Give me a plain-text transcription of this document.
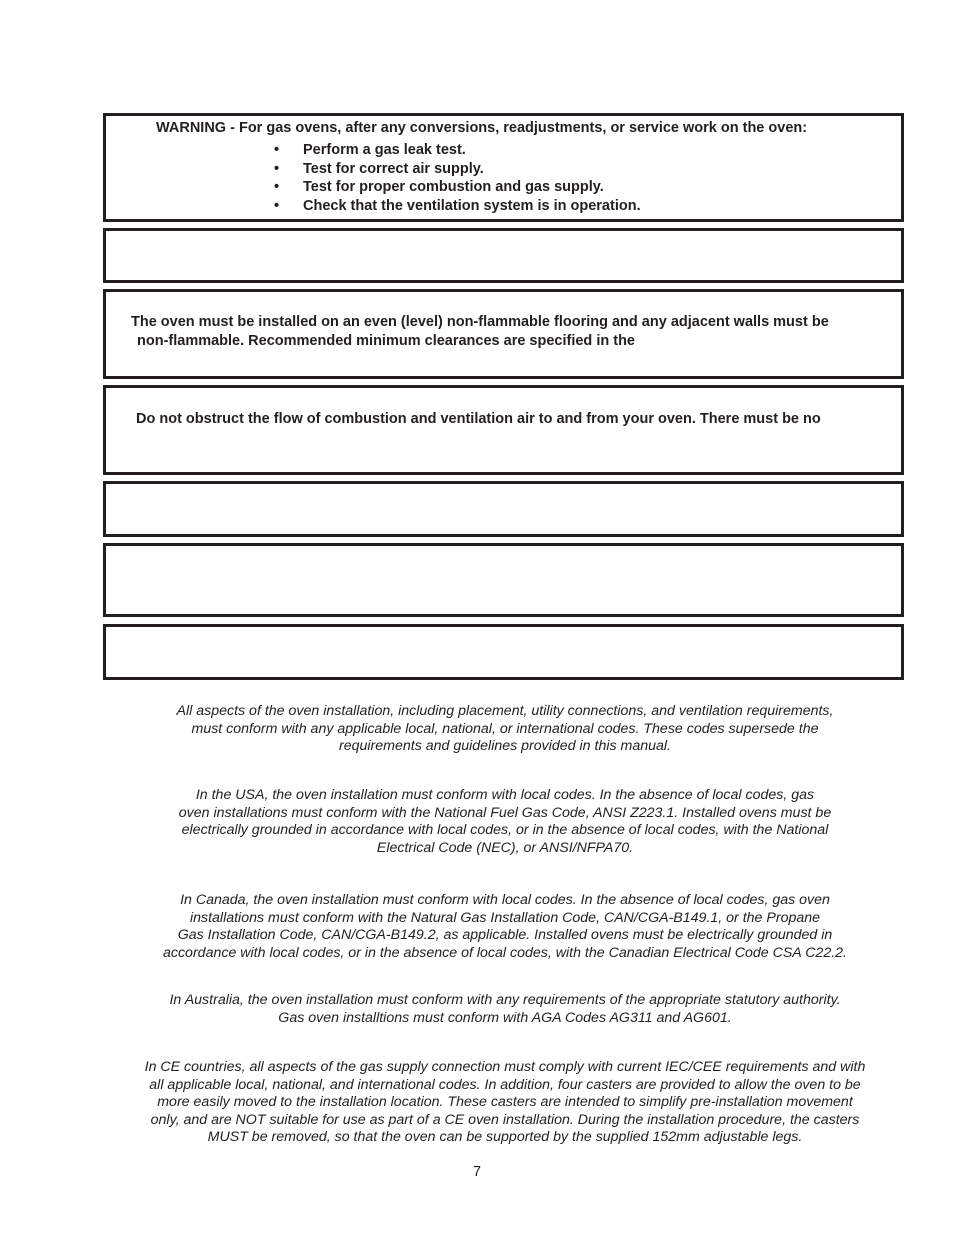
WARNING - For gas ovens, after any conversions, readjustments, or service work on the oven:
• Perform a gas leak test.
• Test for correct air supply.
• Test for proper combustion and gas supply.
• Check that the ventilation system is in operation.
The oven must be installed on an even (level) non-flammable flooring and any adjacent walls must be
non-flammable. Recommended minimum clearances are specified in the
Do not obstruct the flow of combustion and ventilation air to and from your oven. There must be no

All aspects of the oven installation, including placement, utility connections, and ventilation requirements,
must conform with any applicable local, national, or international codes. These codes supersede the
requirements and guidelines provided in this manual.

In the USA, the oven installation must conform with local codes. In the absence of local codes, gas
oven installations must conform with the National Fuel Gas Code, ANSI Z223.1. Installed ovens must be
electrically grounded in accordance with local codes, or in the absence of local codes, with the National
Electrical Code (NEC), or ANSI/NFPA70.

In Canada, the oven installation must conform with local codes. In the absence of local codes, gas oven
installations must conform with the Natural Gas Installation Code, CAN/CGA-B149.1, or the Propane
Gas Installation Code, CAN/CGA-B149.2, as applicable. Installed ovens must be electrically grounded in
accordance with local codes, or in the absence of local codes, with the Canadian Electrical Code CSA C22.2.

In Australia, the oven installation must conform with any requirements of the appropriate statutory authority.
Gas oven installtions must conform with AGA Codes AG311 and AG601.

In CE countries, all aspects of the gas supply connection must comply with current IEC/CEE requirements and with
all applicable local, national, and international codes. In addition, four casters are provided to allow the oven to be
more easily moved to the installation location. These casters are intended to simplify pre-installation movement
only, and are NOT suitable for use as part of a CE oven installation. During the installation procedure, the casters
MUST be removed, so that the oven can be supported by the supplied 152mm adjustable legs.

7
